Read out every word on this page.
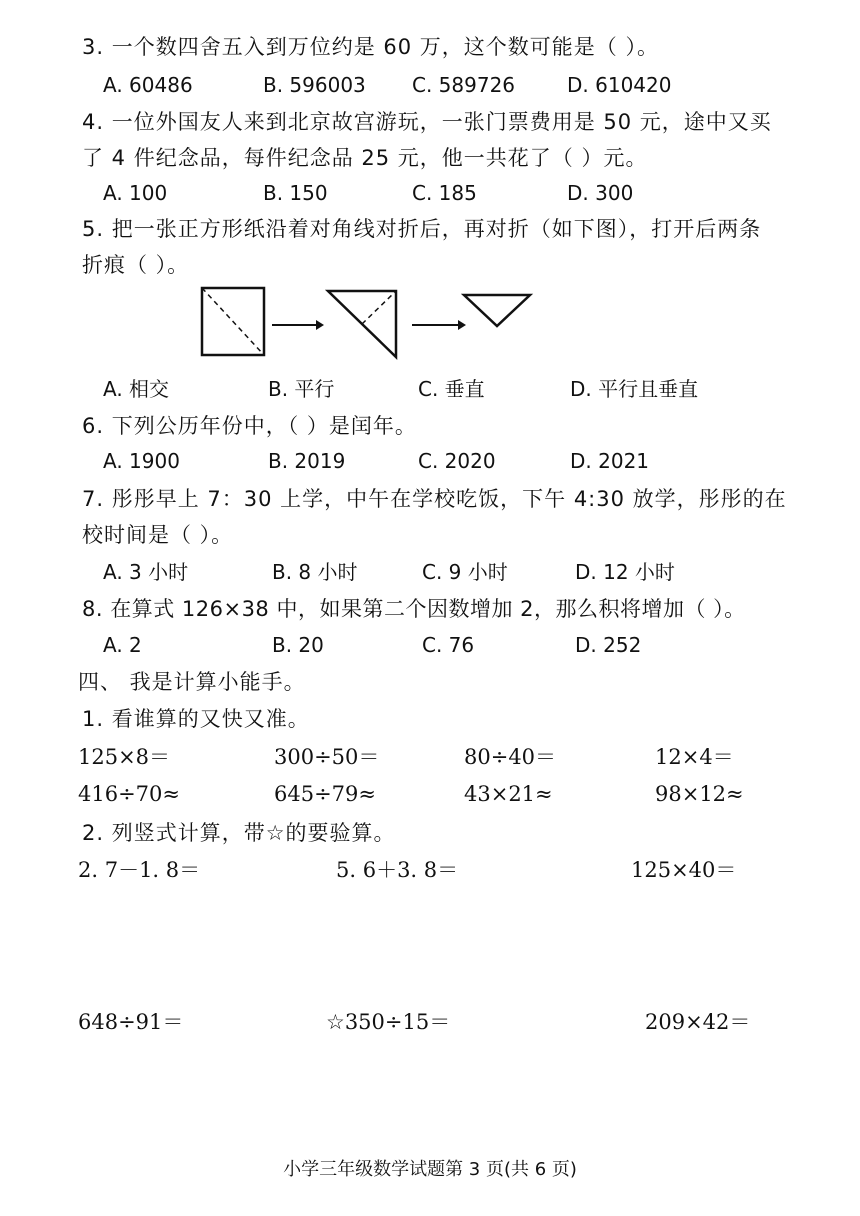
3. 一个数四舍五入到万位约是 60 万，这个数可能是（ ）。
A. 60486	B. 596003 C. 589726	D. 610420
4. 一位外国友人来到北京故宫游玩，一张门票费用是 50 元，途中又买
了 4 件纪念品，每件纪念品 25 元，他一共花了（ ）元。
A. 100	B. 150	C. 185	D. 300
5. 把一张正方形纸沿着对角线对折后，再对折（如下图），打开后两条
折痕（ ）。
A. 相交	B. 平行	C. 垂直	D. 平行且垂直
6. 下列公历年份中，（ ）是闰年。
A. 1900	B. 2019	C. 2020	D. 2021
7. 彤彤早上 7：30 上学，中午在学校吃饭，下午 4:30 放学，彤彤的在
校时间是（ ）。
A. 3 小时	B. 8 小时	C. 9 小时	D. 12 小时
8. 在算式 126×38 中，如果第二个因数增加 2，那么积将增加（ ）。
A. 2	B. 20	C. 76	D. 252
四、 我是计算小能手。
1. 看谁算的又快又准。
125×8＝	300÷50＝	80÷40＝	12×4＝
416÷70≈	645÷79≈	43×21≈	98×12≈
2. 列竖式计算，带☆的要验算。
2. 7－1. 8＝	5. 6＋3. 8＝	125×40＝
648÷91＝	☆350÷15＝	209×42＝
小学三年级数学试题第 3 页(共 6 页)
